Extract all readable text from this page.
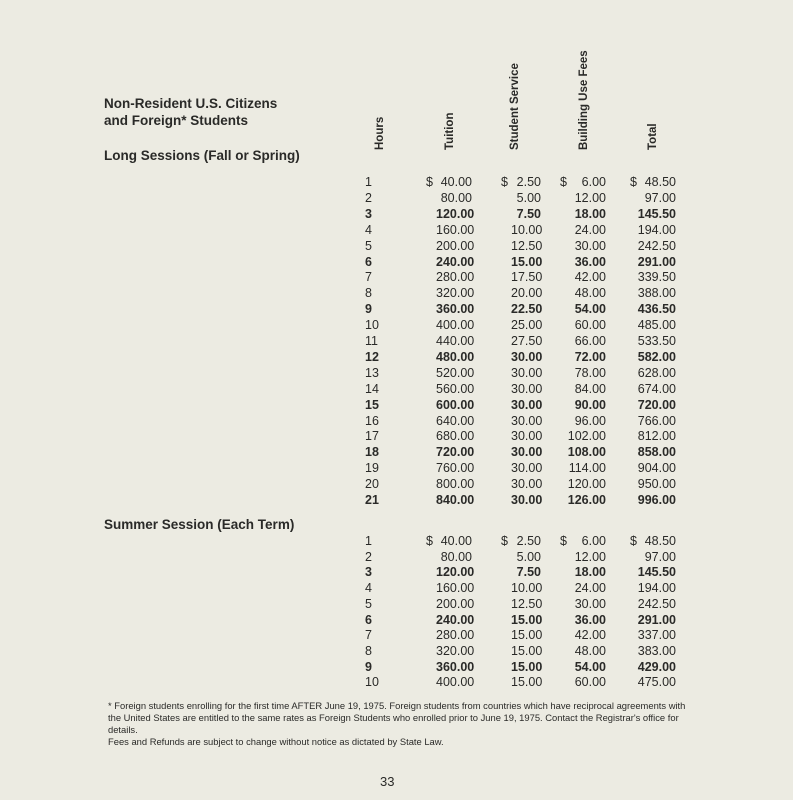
Non-Resident U.S. Citizens
and Foreign* Students	Hours	Tuition	Student Service	Building Use Fees	Total
Long Sessions (Fall or Spring)
$	$	$	$
1	40.00	2.50	6.00	48.50
2	80.00	5.00	12.00	97.00
3	120.00	7.50	18.00	145.50
4	160.00	10.00	24.00	194.00
5	200.00	12.50	30.00	242.50
6	240.00	15.00	36.00	291.00
7	280.00	17.50	42.00	339.50
8	320.00	20.00	48.00	388.00
9	360.00	22.50	54.00	436.50
10	400.00	25.00	60.00	485.00
11	440.00	27.50	66.00	533.50
12	480.00	30.00	72.00	582.00
13	520.00	30.00	78.00	628.00
14	560.00	30.00	84.00	674.00
15	600.00	30.00	90.00	720.00
16	640.00	30.00	96.00	766.00
17	680.00	30.00	102.00	812.00
18	720.00	30.00	108.00	858.00
19	760.00	30.00	114.00	904.00
20	800.00	30.00	120.00	950.00
21	840.00	30.00	126.00	996.00
Summer Session (Each Term)
$	$	$	$
1	40.00	2.50	6.00	48.50
2	80.00	5.00	12.00	97.00
3	120.00	7.50	18.00	145.50
4	160.00	10.00	24.00	194.00
5	200.00	12.50	30.00	242.50
6	240.00	15.00	36.00	291.00
7	280.00	15.00	42.00	337.00
8	320.00	15.00	48.00	383.00
9	360.00	15.00	54.00	429.00
10	400.00	15.00	60.00	475.00

* Foreign students enrolling for the first time AFTER June 19, 1975. Foreign students from countries which have reciprocal agreements with the United States are entitled to the same rates as Foreign Students who enrolled prior to June 19, 1975. Contact the Registrar's office for details.

Fees and Refunds are subject to change without notice as dictated by State Law.

33
